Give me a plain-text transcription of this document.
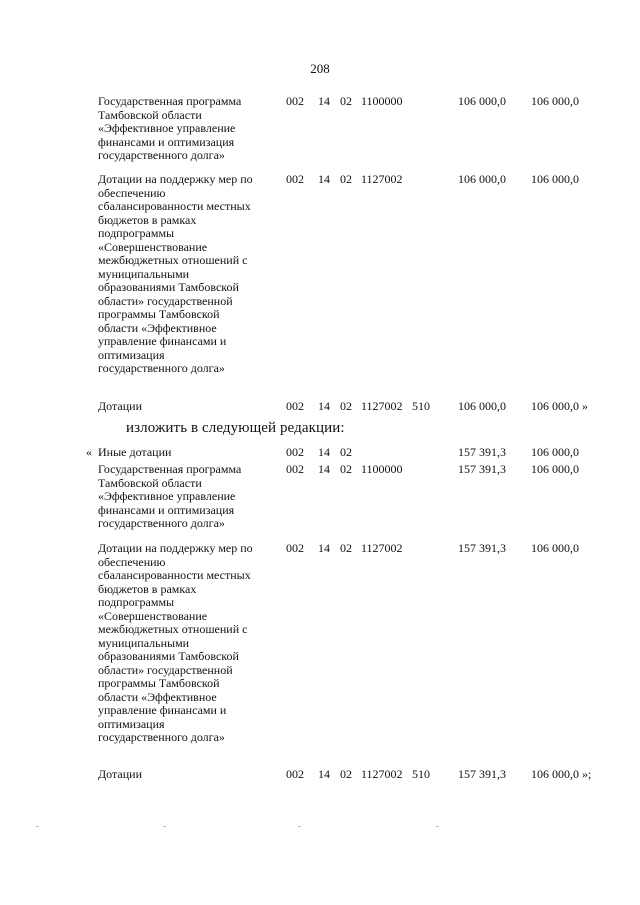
208
Государственная программа Тамбовской области
«Эффективное управление финансами и оптимизация государственного долга»
002 14 02 1100000	106 000,0 106 000,0
Дотации на поддержку мер по обеспечению
сбалансированности местных бюджетов в рамках
подпрограммы
«Совершенствование межбюджетных отношений с муниципальными
образованиями Тамбовской области» государственной
программы Тамбовской
области «Эффективное
управление финансами и
оптимизация
государственного долга»
002 14 02 1127002	106 000,0 106 000,0
Дотации	002 14 02 1127002 510 106 000,0 106 000,0 »
изложить в следующей редакции:
« Иные дотации	002 14 02	157 391,3 106 000,0
Государственная программа Тамбовской области
«Эффективное управление финансами и оптимизация государственного долга»
002 14 02 1100000	157 391,3 106 000,0
Дотации на поддержку мер по обеспечению
сбалансированности местных бюджетов в рамках
подпрограммы
«Совершенствование межбюджетных отношений с муниципальными
образованиями Тамбовской области» государственной
программы Тамбовской
области «Эффективное
управление финансами и
оптимизация
государственного долга»
002 14 02 1127002	157 391,3 106 000,0
Дотации	002 14 02 1127002 510 157 391,3 106 000,0 »;
